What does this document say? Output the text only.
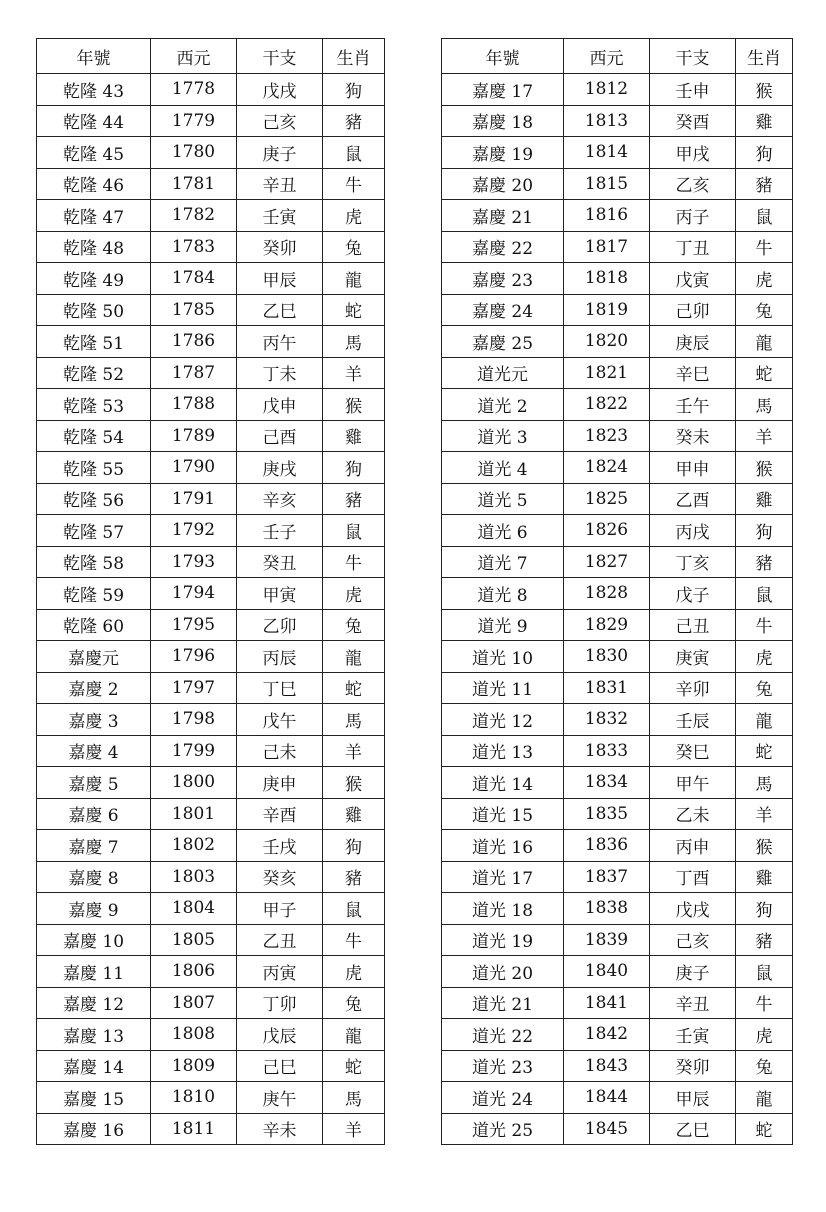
年號	西元	干支	生肖
乾隆 43	1778	戊戌	狗
乾隆 44	1779	己亥	豬
乾隆 45	1780	庚子	鼠
乾隆 46	1781	辛丑	牛
乾隆 47	1782	壬寅	虎
乾隆 48	1783	癸卯	兔
乾隆 49	1784	甲辰	龍
乾隆 50	1785	乙巳	蛇
乾隆 51	1786	丙午	馬
乾隆 52	1787	丁未	羊
乾隆 53	1788	戊申	猴
乾隆 54	1789	己酉	雞
乾隆 55	1790	庚戌	狗
乾隆 56	1791	辛亥	豬
乾隆 57	1792	壬子	鼠
乾隆 58	1793	癸丑	牛
乾隆 59	1794	甲寅	虎
乾隆 60	1795	乙卯	兔
嘉慶元	1796	丙辰	龍
嘉慶 2	1797	丁巳	蛇
嘉慶 3	1798	戊午	馬
嘉慶 4	1799	己未	羊
嘉慶 5	1800	庚申	猴
嘉慶 6	1801	辛酉	雞
嘉慶 7	1802	壬戌	狗
嘉慶 8	1803	癸亥	豬
嘉慶 9	1804	甲子	鼠
嘉慶 10	1805	乙丑	牛
嘉慶 11	1806	丙寅	虎
嘉慶 12	1807	丁卯	兔
嘉慶 13	1808	戊辰	龍
嘉慶 14	1809	己巳	蛇
嘉慶 15	1810	庚午	馬
嘉慶 16	1811	辛未	羊
年號	西元	干支	生肖
嘉慶 17	1812	壬申	猴
嘉慶 18	1813	癸酉	雞
嘉慶 19	1814	甲戌	狗
嘉慶 20	1815	乙亥	豬
嘉慶 21	1816	丙子	鼠
嘉慶 22	1817	丁丑	牛
嘉慶 23	1818	戊寅	虎
嘉慶 24	1819	己卯	兔
嘉慶 25	1820	庚辰	龍
道光元	1821	辛巳	蛇
道光 2	1822	壬午	馬
道光 3	1823	癸未	羊
道光 4	1824	甲申	猴
道光 5	1825	乙酉	雞
道光 6	1826	丙戌	狗
道光 7	1827	丁亥	豬
道光 8	1828	戊子	鼠
道光 9	1829	己丑	牛
道光 10	1830	庚寅	虎
道光 11	1831	辛卯	兔
道光 12	1832	壬辰	龍
道光 13	1833	癸巳	蛇
道光 14	1834	甲午	馬
道光 15	1835	乙未	羊
道光 16	1836	丙申	猴
道光 17	1837	丁酉	雞
道光 18	1838	戊戌	狗
道光 19	1839	己亥	豬
道光 20	1840	庚子	鼠
道光 21	1841	辛丑	牛
道光 22	1842	壬寅	虎
道光 23	1843	癸卯	兔
道光 24	1844	甲辰	龍
道光 25	1845	乙巳	蛇
